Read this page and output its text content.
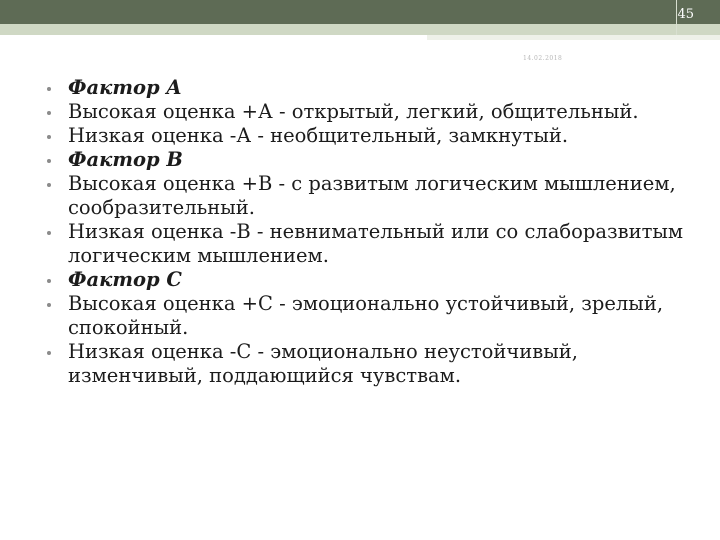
45
14.02.2018
Фактор A
Высокая оценка +А - открытый, легкий, общительный.
Низкая оценка -А - необщительный, замкнутый.
Фактор B
Высокая оценка +В - с развитым логическим мышлением, сообразительный.
Низкая оценка -В - невнимательный или со слаборазвитым логическим мышлением.
Фактор C
Высокая оценка +С - эмоционально устойчивый, зрелый, спокойный.
Низкая оценка -С - эмоционально неустойчивый, изменчивый, поддающийся чувствам.
